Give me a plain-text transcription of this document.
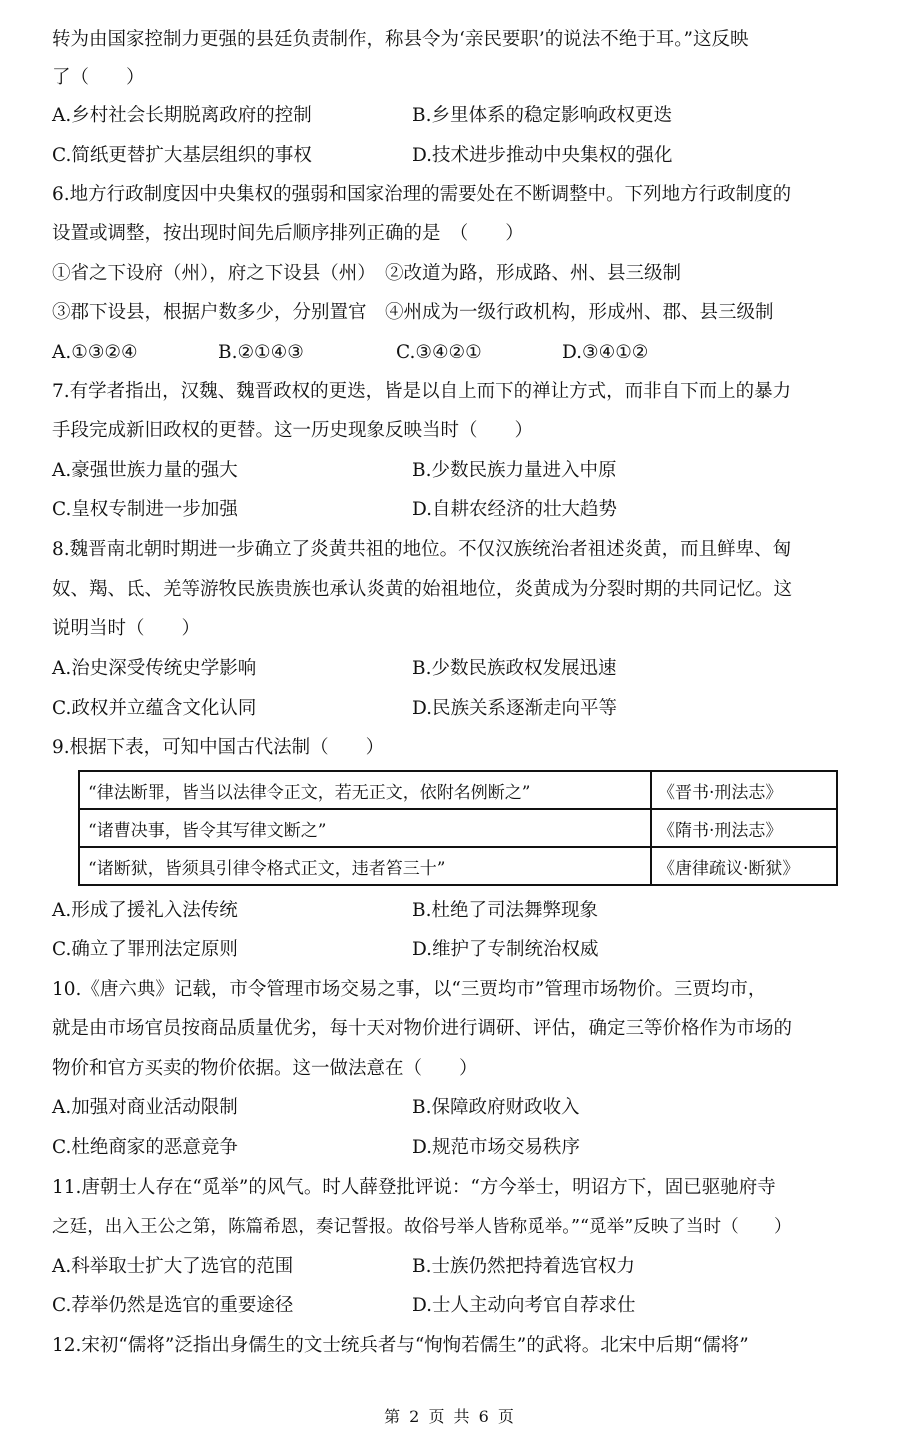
转为由国家控制力更强的县廷负责制作，称县令为‘亲民要职’的说法不绝于耳。”这反映
了（　　）
A.乡村社会长期脱离政府的控制	B.乡里体系的稳定影响政权更迭
C.简纸更替扩大基层组织的事权	D.技术进步推动中央集权的强化
6.地方行政制度因中央集权的强弱和国家治理的需要处在不断调整中。下列地方行政制度的
设置或调整，按出现时间先后顺序排列正确的是　（　　）
①省之下设府（州），府之下设县（州）　②改道为路，形成路、州、县三级制
③郡下设县，根据户数多少，分别置官　④州成为一级行政机构，形成州、郡、县三级制
A.①③②④	B.②①④③	C.③④②①	D.③④①②
7.有学者指出，汉魏、魏晋政权的更迭，皆是以自上而下的禅让方式，而非自下而上的暴力
手段完成新旧政权的更替。这一历史现象反映当时（　　）
A.豪强世族力量的强大	B.少数民族力量进入中原
C.皇权专制进一步加强	D.自耕农经济的壮大趋势
8.魏晋南北朝时期进一步确立了炎黄共祖的地位。不仅汉族统治者祖述炎黄，而且鲜卑、匈
奴、羯、氐、羌等游牧民族贵族也承认炎黄的始祖地位，炎黄成为分裂时期的共同记忆。这
说明当时（　　）
A.治史深受传统史学影响	B.少数民族政权发展迅速
C.政权并立蕴含文化认同	D.民族关系逐渐走向平等
9.根据下表，可知中国古代法制（　　）
“律法断罪，皆当以法律令正文，若无正文，依附名例断之”	《晋书·刑法志》
“诸曹决事，皆令其写律文断之”	《隋书·刑法志》
“诸断狱，皆须具引律令格式正文，违者笞三十”	《唐律疏议·断狱》
A.形成了援礼入法传统	B.杜绝了司法舞弊现象
C.确立了罪刑法定原则	D.维护了专制统治权威
10.《唐六典》记载，市令管理市场交易之事，以“三贾均市”管理市场物价。三贾均市，
就是由市场官员按商品质量优劣，每十天对物价进行调研、评估，确定三等价格作为市场的
物价和官方买卖的物价依据。这一做法意在（　　）
A.加强对商业活动限制	B.保障政府财政收入
C.杜绝商家的恶意竞争	D.规范市场交易秩序
11.唐朝士人存在“觅举”的风气。时人薛登批评说：“方今举士，明诏方下，固已驱驰府寺
之廷，出入王公之第，陈篇希恩，奏记誓报。故俗号举人皆称觅举。”“觅举”反映了当时（　　）
A.科举取士扩大了选官的范围	B.士族仍然把持着选官权力
C.荐举仍然是选官的重要途径	D.士人主动向考官自荐求仕
12.宋初“儒将”泛指出身儒生的文士统兵者与“恂恂若儒生”的武将。北宋中后期“儒将”
第 2 页 共 6 页
